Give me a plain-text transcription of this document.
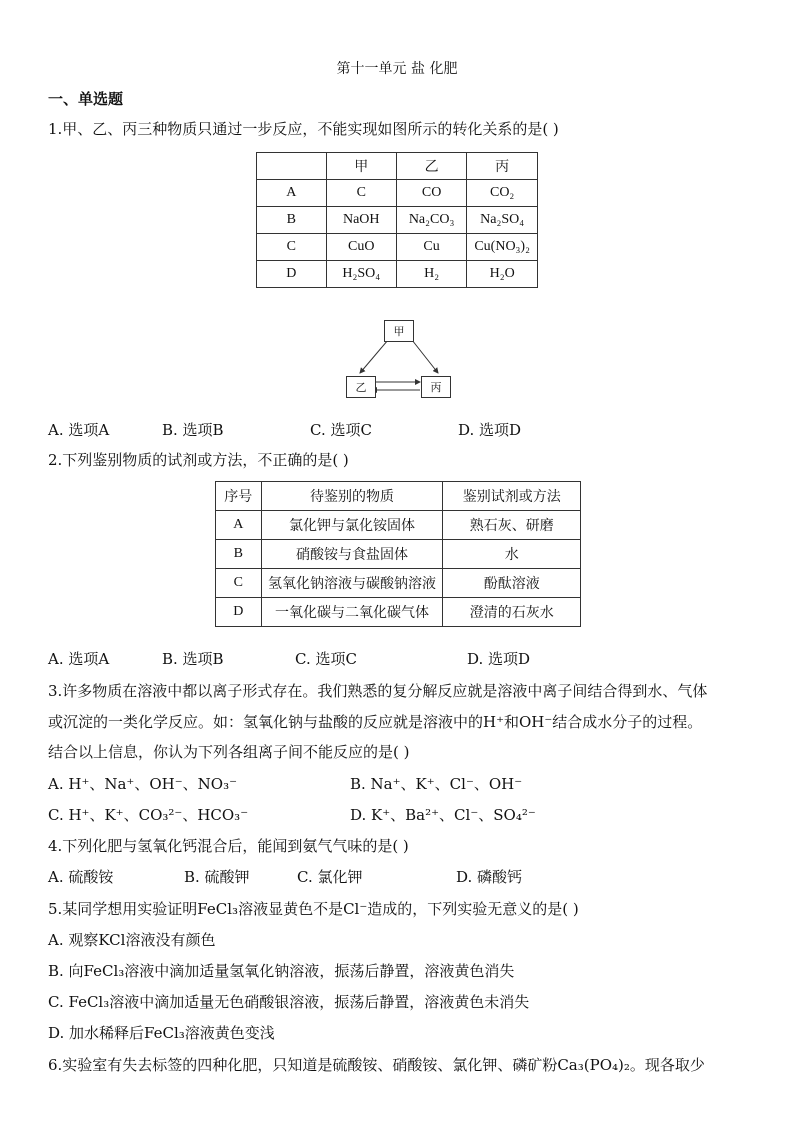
第十一单元 盐 化肥
一、单选题
1.甲、乙、丙三种物质只通过一步反应，不能实现如图所示的转化关系的是( )
	甲	乙	丙
A	C	CO	CO₂
B	NaOH	Na₂CO₃	Na₂SO₄
C	CuO	Cu	Cu(NO₃)₂
D	H₂SO₄	H₂	H₂O
甲
乙	丙
A. 选项A	B. 选项B	C. 选项C	D. 选项D
2.下列鉴别物质的试剂或方法，不正确的是( )
序号	待鉴别的物质	鉴别试剂或方法
A	氯化钾与氯化铵固体	熟石灰、研磨
B	硝酸铵与食盐固体	水
C	氢氧化钠溶液与碳酸钠溶液	酚酞溶液
D	一氧化碳与二氧化碳气体	澄清的石灰水
A. 选项A	B. 选项B	C. 选项C	D. 选项D
3.许多物质在溶液中都以离子形式存在。我们熟悉的复分解反应就是溶液中离子间结合得到水、气体
或沉淀的一类化学反应。如：氢氧化钠与盐酸的反应就是溶液中的H⁺和OH⁻结合成水分子的过程。
结合以上信息，你认为下列各组离子间不能反应的是( )
A. H⁺、Na⁺、OH⁻、NO₃⁻	B. Na⁺、K⁺、Cl⁻、OH⁻
C. H⁺、K⁺、CO₃²⁻、HCO₃⁻	D. K⁺、Ba²⁺、Cl⁻、SO₄²⁻
4.下列化肥与氢氧化钙混合后，能闻到氨气气味的是( )
A. 硫酸铵	B. 硫酸钾	C. 氯化钾	D. 磷酸钙
5.某同学想用实验证明FeCl₃溶液显黄色不是Cl⁻造成的，下列实验无意义的是( )
A. 观察KCl溶液没有颜色
B. 向FeCl₃溶液中滴加适量氢氧化钠溶液，振荡后静置，溶液黄色消失
C. FeCl₃溶液中滴加适量无色硝酸银溶液，振荡后静置，溶液黄色未消失
D. 加水稀释后FeCl₃溶液黄色变浅
6.实验室有失去标签的四种化肥，只知道是硫酸铵、硝酸铵、氯化钾、磷矿粉Ca₃(PO₄)₂。现各取少
